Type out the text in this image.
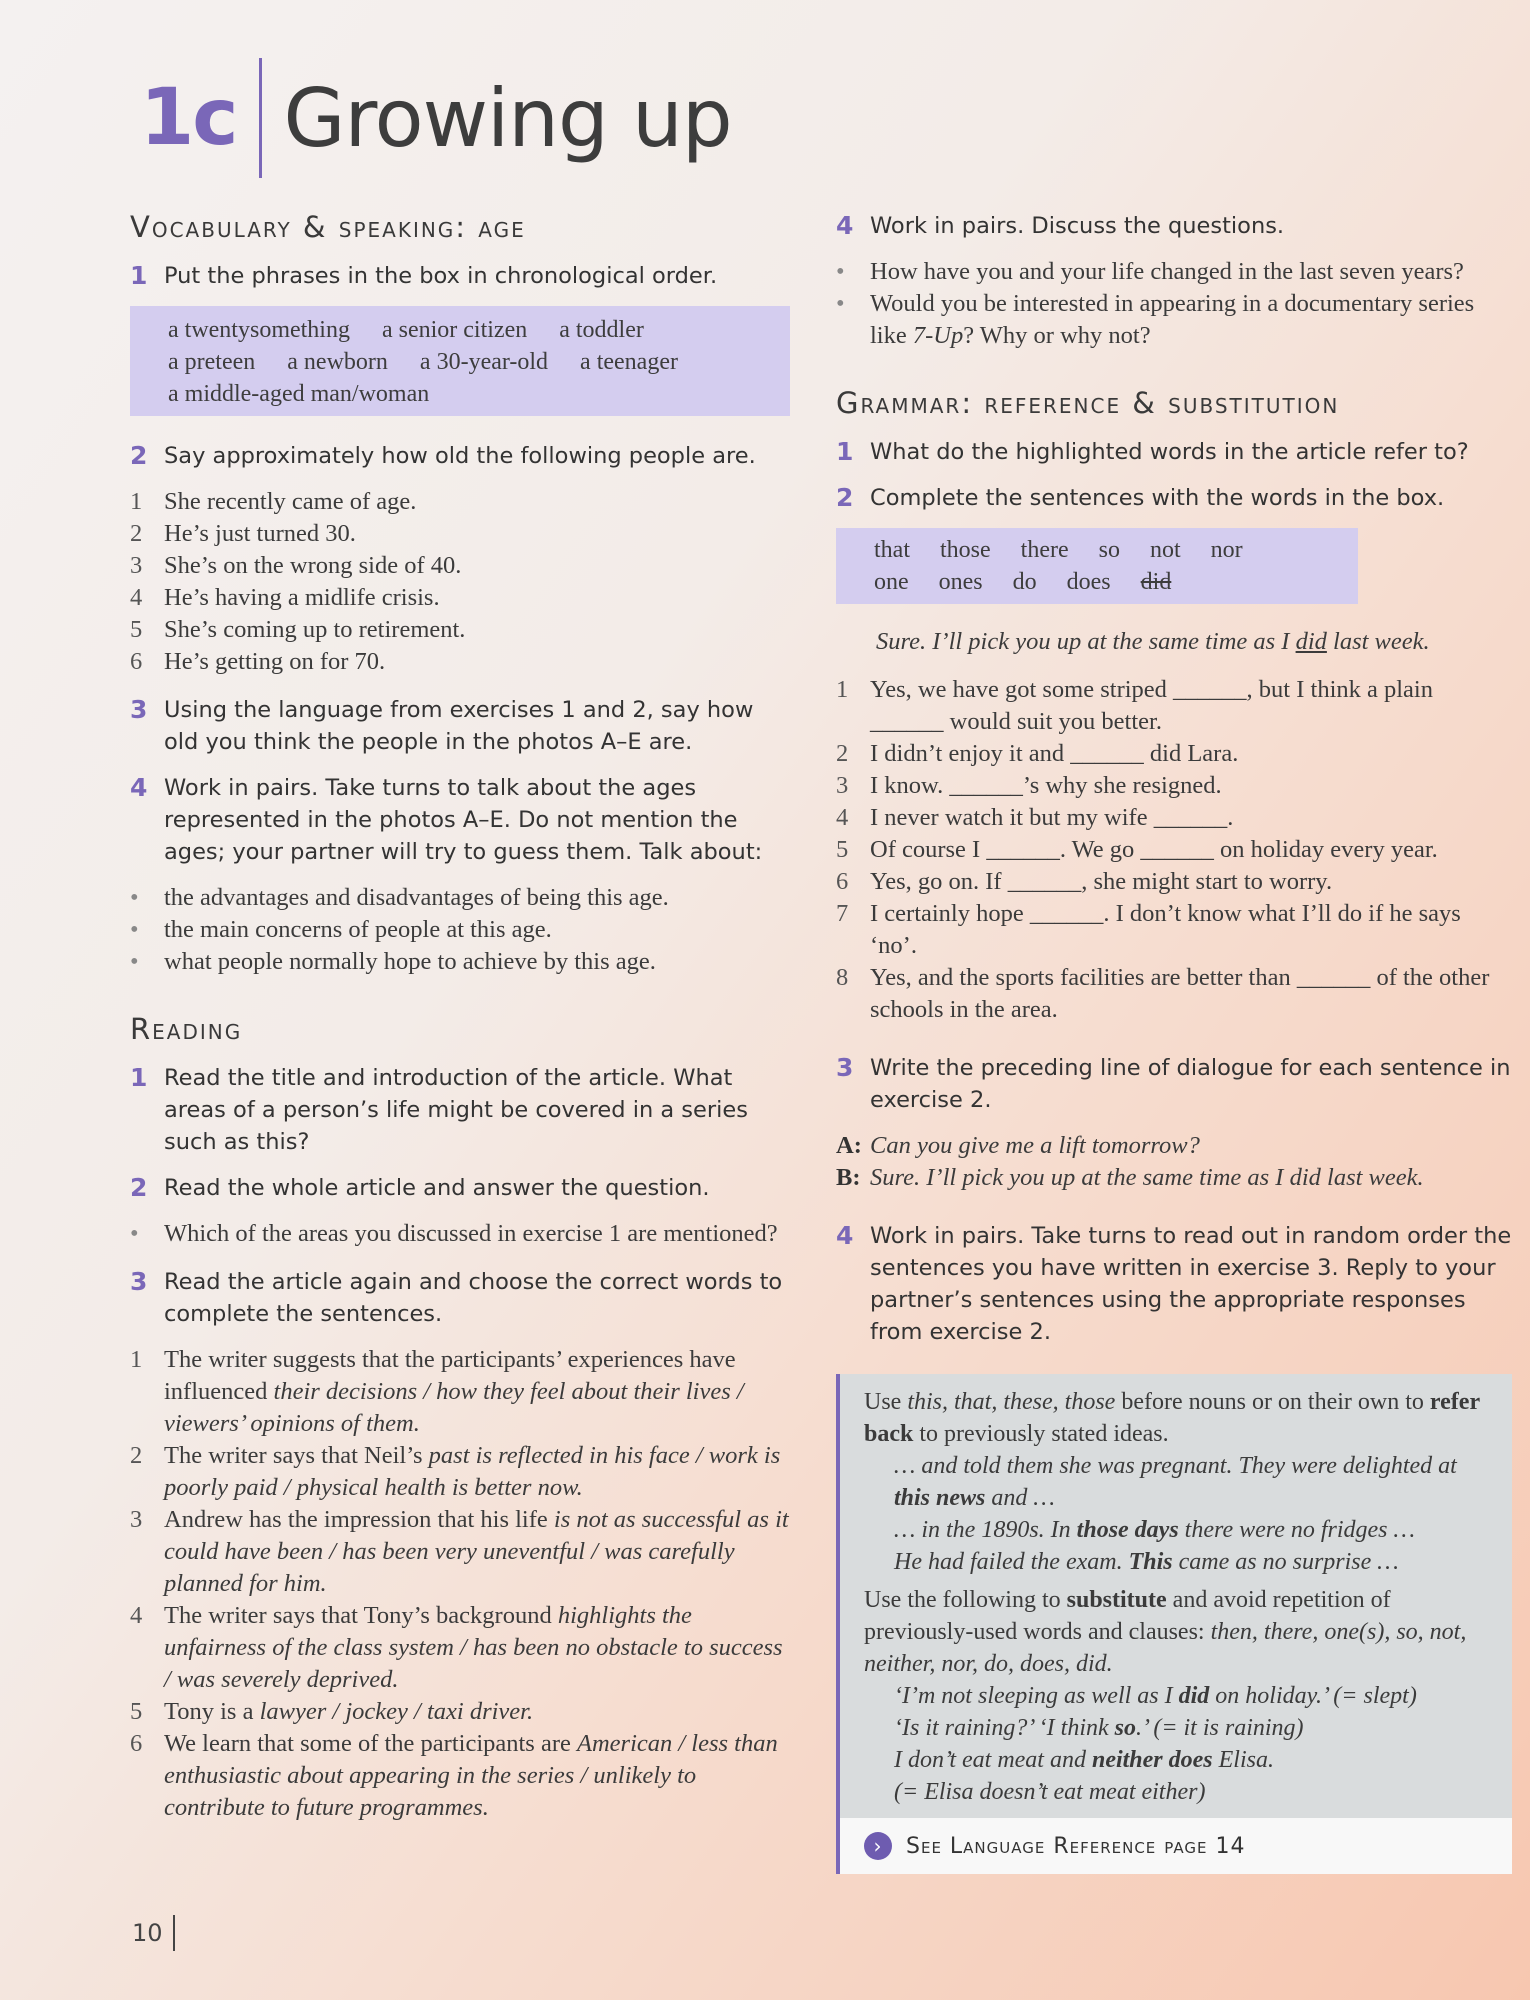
1c Growing up
Vocabulary & speaking: age
1 Put the phrases in the box in chronological order.
a twentysomething a senior citizen a toddler
a preteen a newborn a 30-year-old a teenager
a middle-aged man/woman
2 Say approximately how old the following people are.
1 She recently came of age.
2 He’s just turned 30.
3 She’s on the wrong side of 40.
4 He’s having a midlife crisis.
5 She’s coming up to retirement.
6 He’s getting on for 70.
3 Using the language from exercises 1 and 2, say how old you think the people in the photos A–E are.
4 Work in pairs. Take turns to talk about the ages represented in the photos A–E. Do not mention the ages; your partner will try to guess them. Talk about:
•	the advantages and disadvantages of being this age.
•	the main concerns of people at this age.
•	what people normally hope to achieve by this age.
Reading
1 Read the title and introduction of the article. What areas of a person’s life might be covered in a series such as this?
2 Read the whole article and answer the question.
•	Which of the areas you discussed in exercise 1 are mentioned?
3 Read the article again and choose the correct words to complete the sentences.
1 The writer suggests that the participants’ experiences have influenced their decisions / how they feel about their lives / viewers’ opinions of them.
2 The writer says that Neil’s past is reflected in his face / work is poorly paid / physical health is better now.
3 Andrew has the impression that his life is not as successful as it could have been / has been very uneventful / was carefully planned for him.
4 The writer says that Tony’s background highlights the unfairness of the class system / has been no obstacle to success / was severely deprived.
5 Tony is a lawyer / jockey / taxi driver.
6 We learn that some of the participants are American / less than enthusiastic about appearing in the series / unlikely to contribute to future programmes.
4 Work in pairs. Discuss the questions.
•	How have you and your life changed in the last seven years?
•	Would you be interested in appearing in a documentary series like 7-Up? Why or why not?
Grammar: reference & substitution
1 What do the highlighted words in the article refer to?
2 Complete the sentences with the words in the box.
that those there so not nor
one ones do does did
Sure. I’ll pick you up at the same time as I did last week.
1 Yes, we have got some striped ______, but I think a plain ______ would suit you better.
2 I didn’t enjoy it and ______ did Lara.
3 I know. ______’s why she resigned.
4 I never watch it but my wife ______.
5 Of course I ______. We go ______ on holiday every year.
6 Yes, go on. If ______, she might start to worry.
7 I certainly hope ______. I don’t know what I’ll do if he says ‘no’.
8 Yes, and the sports facilities are better than ______ of the other schools in the area.
3 Write the preceding line of dialogue for each sentence in exercise 2.
A: Can you give me a lift tomorrow?
B: Sure. I’ll pick you up at the same time as I did last week.
4 Work in pairs. Take turns to read out in random order the sentences you have written in exercise 3. Reply to your partner’s sentences using the appropriate responses from exercise 2.
Use this, that, these, those before nouns or on their own to refer back to previously stated ideas.
… and told them she was pregnant. They were delighted at this news and …
… in the 1890s. In those days there were no fridges …
He had failed the exam. This came as no surprise …
Use the following to substitute and avoid repetition of previously-used words and clauses: then, there, one(s), so, not, neither, nor, do, does, did.
‘I’m not sleeping as well as I did on holiday.’ (= slept)
‘Is it raining?’ ‘I think so.’ (= it is raining)
I don’t eat meat and neither does Elisa.
(= Elisa doesn’t eat meat either)
›	See Language Reference page 14
10
